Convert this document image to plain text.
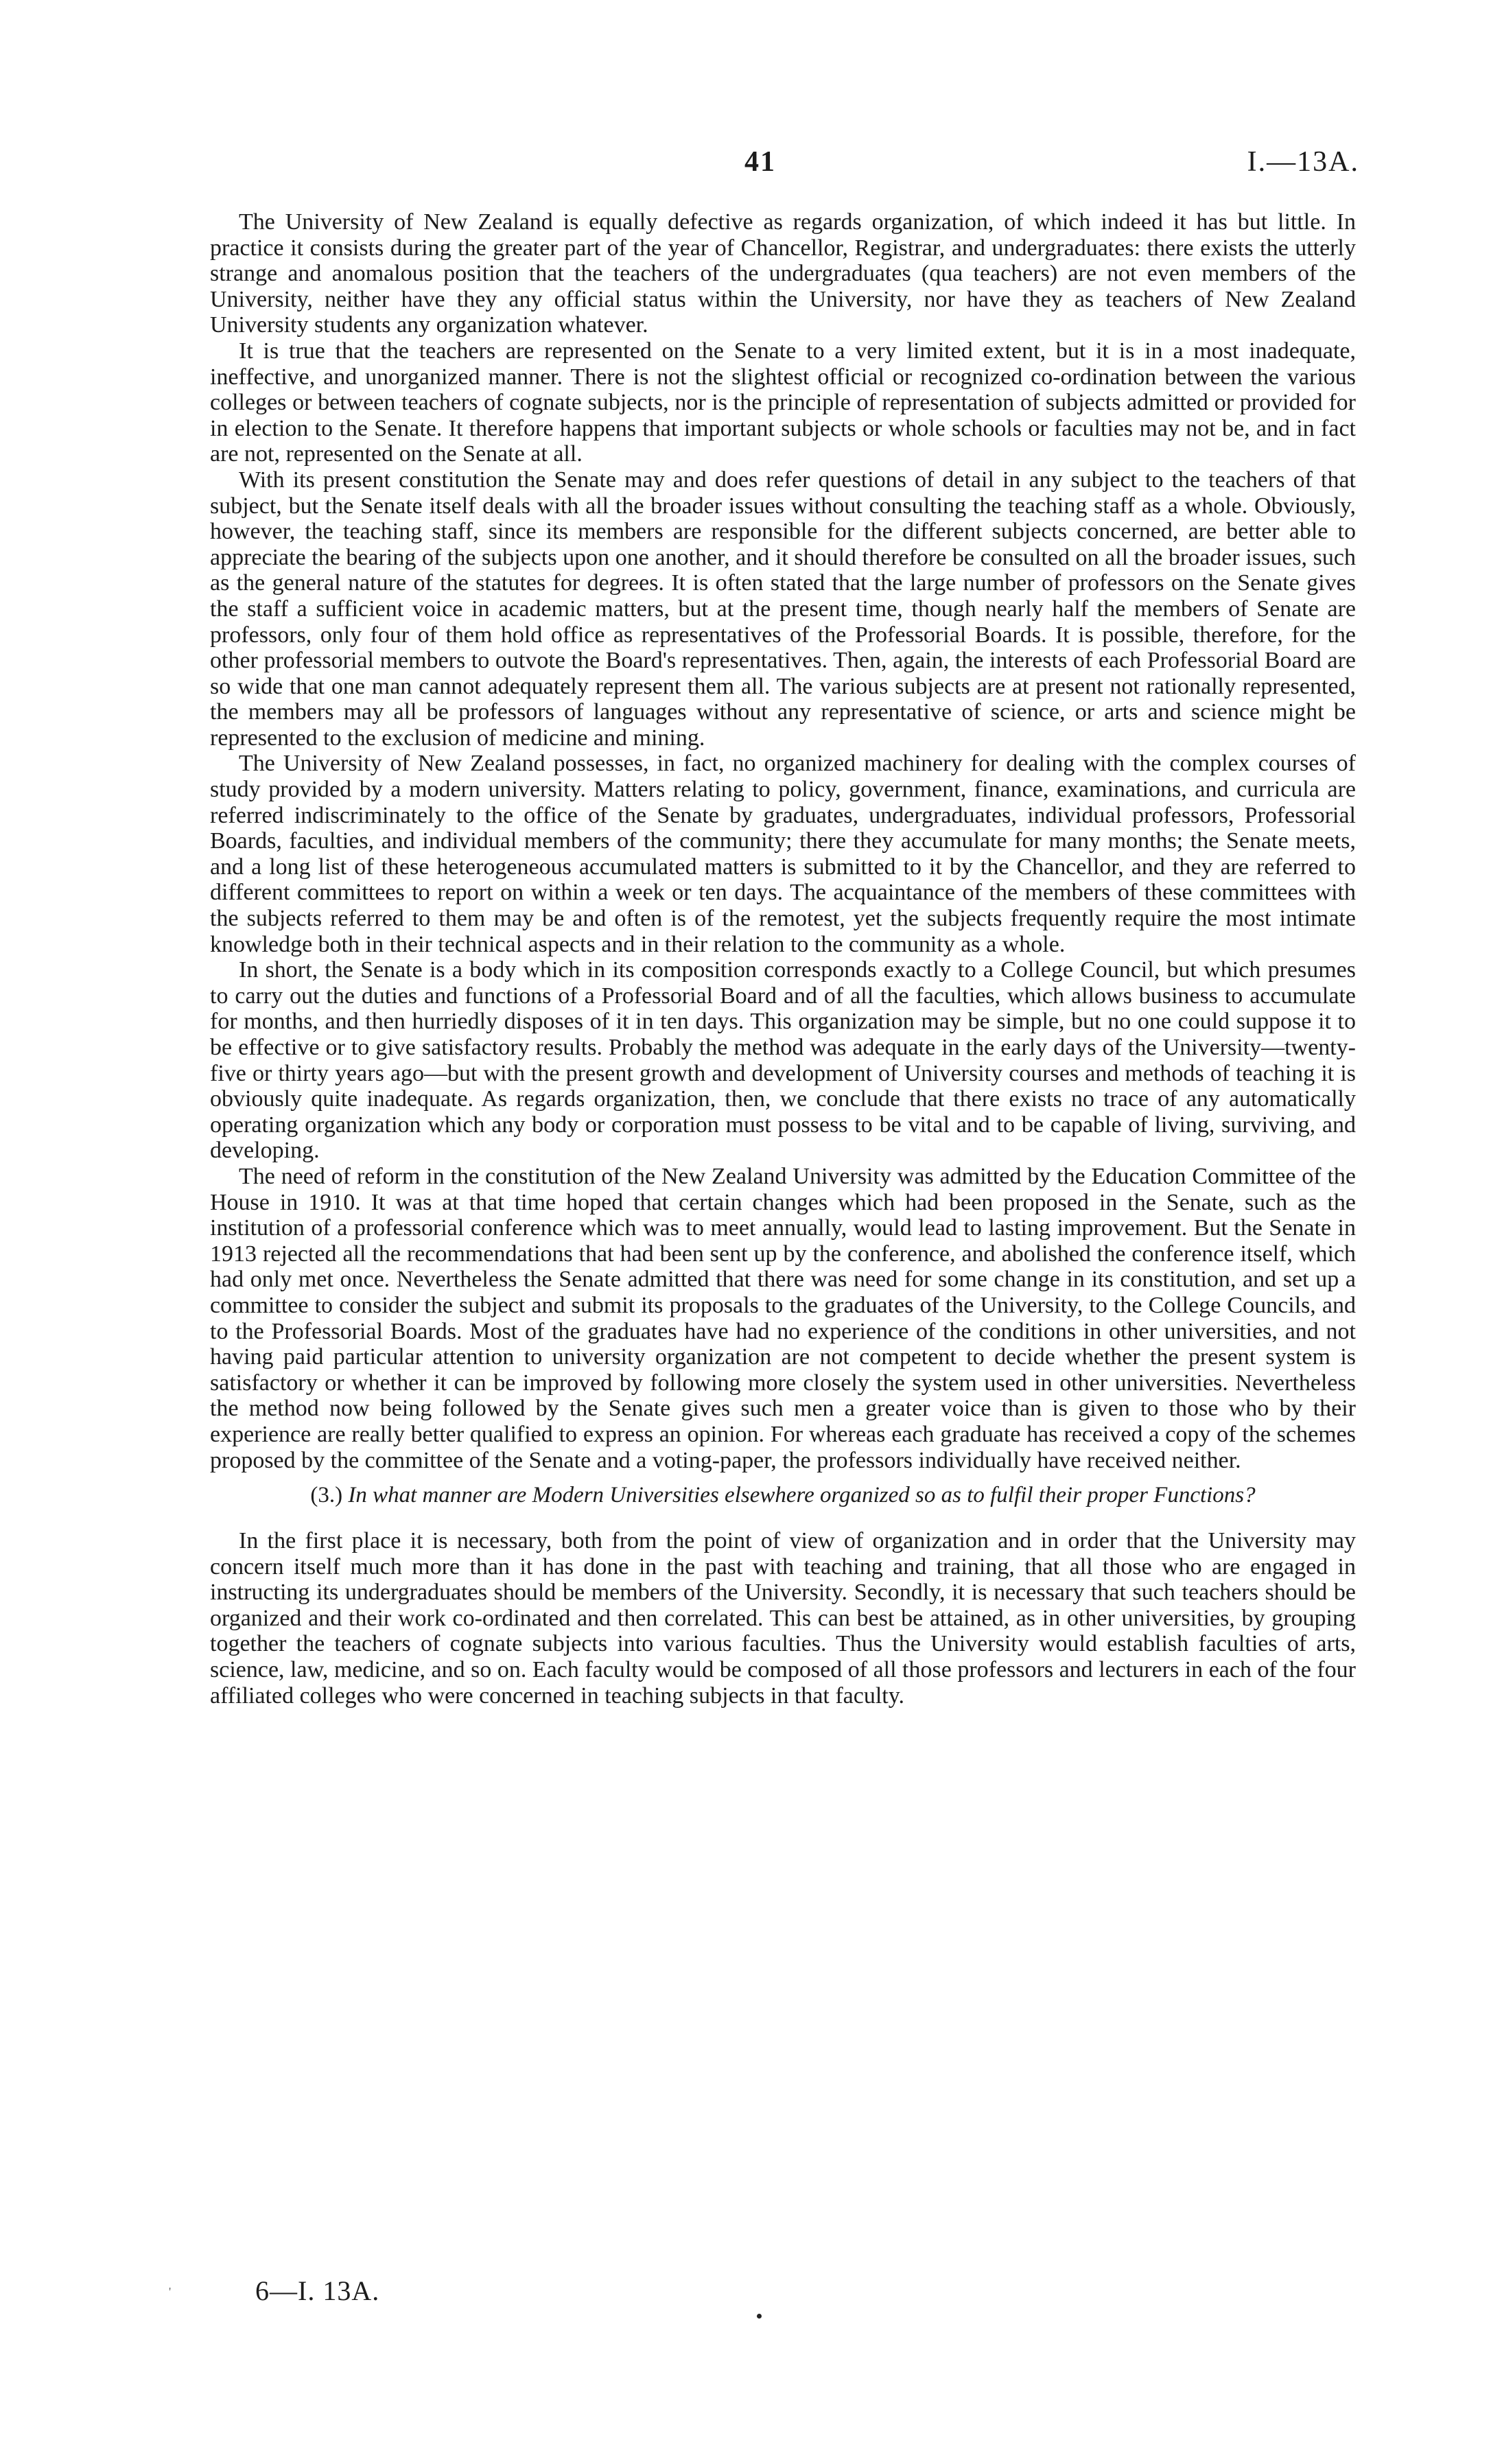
41	I.—13A.

The University of New Zealand is equally defective as regards organization, of which indeed it has but little. In practice it consists during the greater part of the year of Chancellor, Registrar, and undergraduates: there exists the utterly strange and anomalous position that the teachers of the undergraduates (qua teachers) are not even members of the University, neither have they any official status within the University, nor have they as teachers of New Zealand University students any organization whatever.

It is true that the teachers are represented on the Senate to a very limited extent, but it is in a most inadequate, ineffective, and unorganized manner. There is not the slightest official or recognized co-ordination between the various colleges or between teachers of cognate subjects, nor is the principle of representation of subjects admitted or provided for in election to the Senate. It therefore happens that important subjects or whole schools or faculties may not be, and in fact are not, represented on the Senate at all.

With its present constitution the Senate may and does refer questions of detail in any subject to the teachers of that subject, but the Senate itself deals with all the broader issues without consulting the teaching staff as a whole. Obviously, however, the teaching staff, since its members are responsible for the different subjects concerned, are better able to appreciate the bearing of the subjects upon one another, and it should therefore be consulted on all the broader issues, such as the general nature of the statutes for degrees. It is often stated that the large number of professors on the Senate gives the staff a sufficient voice in academic matters, but at the present time, though nearly half the members of Senate are professors, only four of them hold office as representatives of the Professorial Boards. It is possible, therefore, for the other professorial members to outvote the Board's representatives. Then, again, the interests of each Professorial Board are so wide that one man cannot adequately represent them all. The various subjects are at present not rationally represented, the members may all be professors of languages without any representative of science, or arts and science might be represented to the exclusion of medicine and mining.

The University of New Zealand possesses, in fact, no organized machinery for dealing with the complex courses of study provided by a modern university. Matters relating to policy, government, finance, examinations, and curricula are referred indiscriminately to the office of the Senate by graduates, undergraduates, individual professors, Professorial Boards, faculties, and individual members of the community; there they accumulate for many months; the Senate meets, and a long list of these heterogeneous accumulated matters is submitted to it by the Chancellor, and they are referred to different committees to report on within a week or ten days. The acquaintance of the members of these committees with the subjects referred to them may be and often is of the remotest, yet the subjects frequently require the most intimate knowledge both in their technical aspects and in their relation to the community as a whole.

In short, the Senate is a body which in its composition corresponds exactly to a College Council, but which presumes to carry out the duties and functions of a Professorial Board and of all the faculties, which allows business to accumulate for months, and then hurriedly disposes of it in ten days. This organization may be simple, but no one could suppose it to be effective or to give satisfactory results. Probably the method was adequate in the early days of the University—twenty-five or thirty years ago—but with the present growth and development of University courses and methods of teaching it is obviously quite inadequate. As regards organization, then, we conclude that there exists no trace of any automatically operating organization which any body or corporation must possess to be vital and to be capable of living, surviving, and developing.

The need of reform in the constitution of the New Zealand University was admitted by the Education Committee of the House in 1910. It was at that time hoped that certain changes which had been proposed in the Senate, such as the institution of a professorial conference which was to meet annually, would lead to lasting improvement. But the Senate in 1913 rejected all the recommendations that had been sent up by the conference, and abolished the conference itself, which had only met once. Nevertheless the Senate admitted that there was need for some change in its constitution, and set up a committee to consider the subject and submit its proposals to the graduates of the University, to the College Councils, and to the Professorial Boards. Most of the graduates have had no experience of the conditions in other universities, and not having paid particular attention to university organization are not competent to decide whether the present system is satisfactory or whether it can be improved by following more closely the system used in other universities. Nevertheless the method now being followed by the Senate gives such men a greater voice than is given to those who by their experience are really better qualified to express an opinion. For whereas each graduate has received a copy of the schemes proposed by the committee of the Senate and a voting-paper, the professors individually have received neither.

(3.) In what manner are Modern Universities elsewhere organized so as to fulfil their proper Functions?

In the first place it is necessary, both from the point of view of organization and in order that the University may concern itself much more than it has done in the past with teaching and training, that all those who are engaged in instructing its undergraduates should be members of the University. Secondly, it is necessary that such teachers should be organized and their work co-ordinated and then correlated. This can best be attained, as in other universities, by grouping together the teachers of cognate subjects into various faculties. Thus the University would establish faculties of arts, science, law, medicine, and so on. Each faculty would be composed of all those professors and lecturers in each of the four affiliated colleges who were concerned in teaching subjects in that faculty.

'	6—I. 13A.
